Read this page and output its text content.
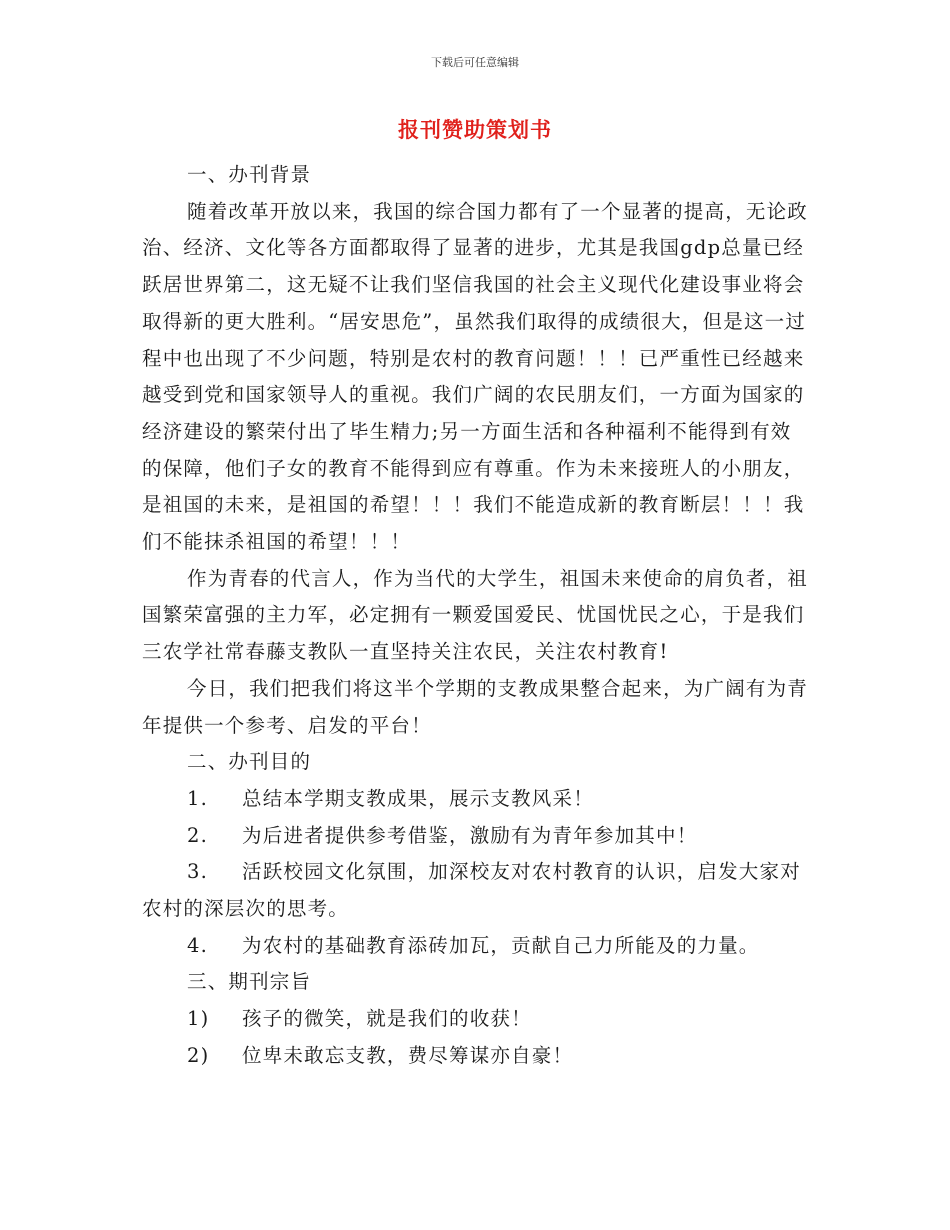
下载后可任意编辑
报刊赞助策划书

一、办刊背景

随着改革开放以来，我国的综合国力都有了一个显著的提高，无论政治、经济、文化等各方面都取得了显著的进步，尤其是我国gdp总量已经跃居世界第二，这无疑不让我们坚信我国的社会主义现代化建设事业将会取得新的更大胜利。“居安思危”，虽然我们取得的成绩很大，但是这一过程中也出现了不少问题，特别是农村的教育问题！！！已严重性已经越来越受到党和国家领导人的重视。我们广阔的农民朋友们，一方面为国家的经济建设的繁荣付出了毕生精力;另一方面生活和各种福利不能得到有效的保障，他们子女的教育不能得到应有尊重。作为未来接班人的小朋友，是祖国的未来，是祖国的希望！！！我们不能造成新的教育断层！！！我们不能抹杀祖国的希望！！！

作为青春的代言人，作为当代的大学生，祖国未来使命的肩负者，祖国繁荣富强的主力军，必定拥有一颗爱国爱民、忧国忧民之心，于是我们三农学社常春藤支教队一直坚持关注农民，关注农村教育!

今日，我们把我们将这半个学期的支教成果整合起来，为广阔有为青年提供一个参考、启发的平台！

二、办刊目的

1.	总结本学期支教成果，展示支教风采！

2.	为后进者提供参考借鉴，激励有为青年参加其中！

3. 活跃校园文化氛围，加深校友对农村教育的认识，启发大家对农村的深层次的思考。

4.	为农村的基础教育添砖加瓦，贡献自己力所能及的力量。

三、期刊宗旨

1)	孩子的微笑，就是我们的收获！

2)	位卑未敢忘支教，费尽筹谋亦自豪！
